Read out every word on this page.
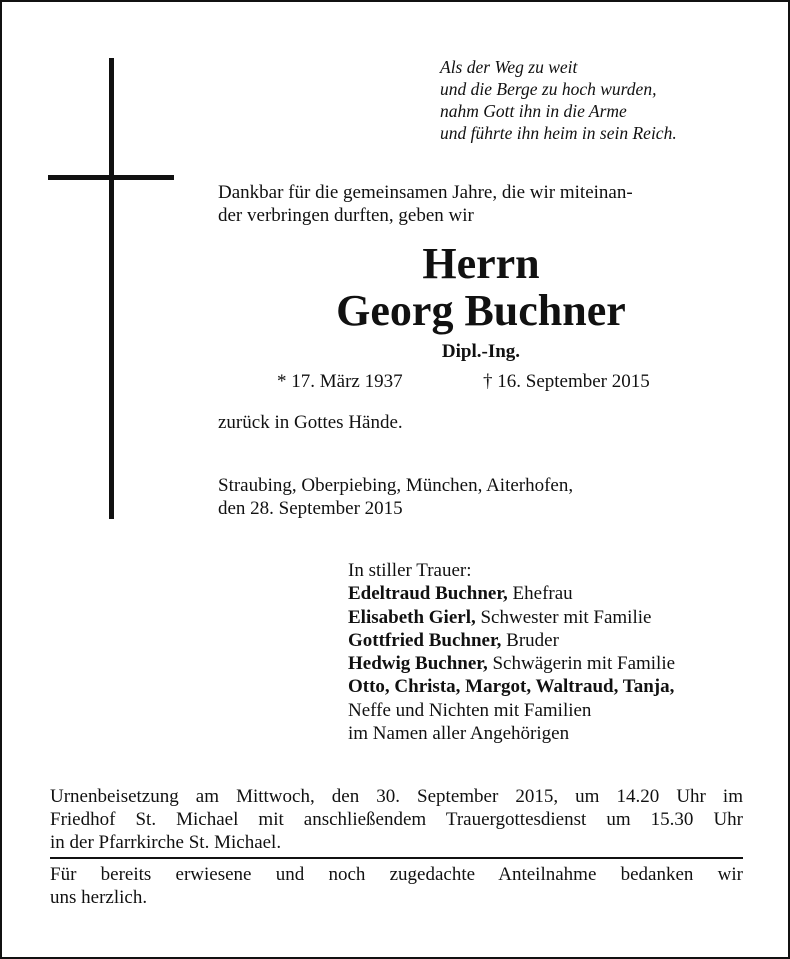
Als der Weg zu weit
und die Berge zu hoch wurden,
nahm Gott ihn in die Arme
und führte ihn heim in sein Reich.
Dankbar für die gemeinsamen Jahre, die wir miteinan-
der verbringen durften, geben wir
Herrn
Georg Buchner
Dipl.-Ing.
* 17. März 1937	† 16. September 2015
zurück in Gottes Hände.
Straubing, Oberpiebing, München, Aiterhofen,
den 28. September 2015
In stiller Trauer:
Edeltraud Buchner, Ehefrau
Elisabeth Gierl, Schwester mit Familie
Gottfried Buchner, Bruder
Hedwig Buchner, Schwägerin mit Familie
Otto, Christa, Margot, Waltraud, Tanja,
Neffe und Nichten mit Familien
im Namen aller Angehörigen
Urnenbeisetzung am Mittwoch, den 30. September 2015, um 14.20 Uhr im
Friedhof St. Michael mit anschließendem Trauergottesdienst um 15.30 Uhr
in der Pfarrkirche St. Michael.
Für bereits erwiesene und noch zugedachte Anteilnahme bedanken wir
uns herzlich.
